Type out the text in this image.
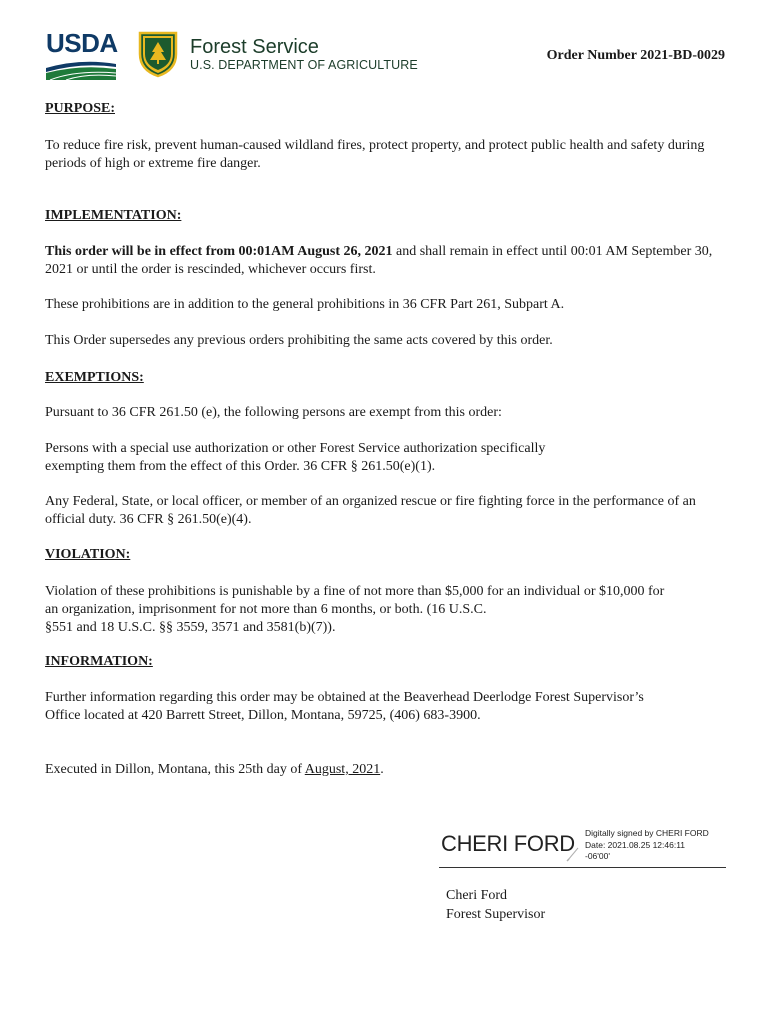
USDA	Forest Service
U.S. DEPARTMENT OF AGRICULTURE
Order Number 2021-BD-0029
PURPOSE:
To reduce fire risk, prevent human-caused wildland fires, protect property, and protect public health and safety during periods of high or extreme fire danger.
IMPLEMENTATION:
This order will be in effect from 00:01AM August 26, 2021 and shall remain in effect until 00:01 AM September 30, 2021 or until the order is rescinded, whichever occurs first.
These prohibitions are in addition to the general prohibitions in 36 CFR Part 261, Subpart A.
This Order supersedes any previous orders prohibiting the same acts covered by this order.
EXEMPTIONS:
Pursuant to 36 CFR 261.50 (e), the following persons are exempt from this order:
Persons with a special use authorization or other Forest Service authorization specifically
exempting them from the effect of this Order. 36 CFR § 261.50(e)(1).
Any Federal, State, or local officer, or member of an organized rescue or fire fighting force in the performance of an official duty. 36 CFR § 261.50(e)(4).
VIOLATION:
Violation of these prohibitions is punishable by a fine of not more than $5,000 for an individual or $10,000 for
an organization, imprisonment for not more than 6 months, or both. (16 U.S.C.
§551 and 18 U.S.C. §§ 3559, 3571 and 3581(b)(7)).
INFORMATION:
Further information regarding this order may be obtained at the Beaverhead Deerlodge Forest Supervisor’s
Office located at 420 Barrett Street, Dillon, Montana, 59725, (406) 683-3900.
Executed in Dillon, Montana, this 25th day of August, 2021.
CHERI FORD Digitally signed by CHERI FORD
Date: 2021.08.25 12:46:11
-06'00'
Cheri Ford
Forest Supervisor
